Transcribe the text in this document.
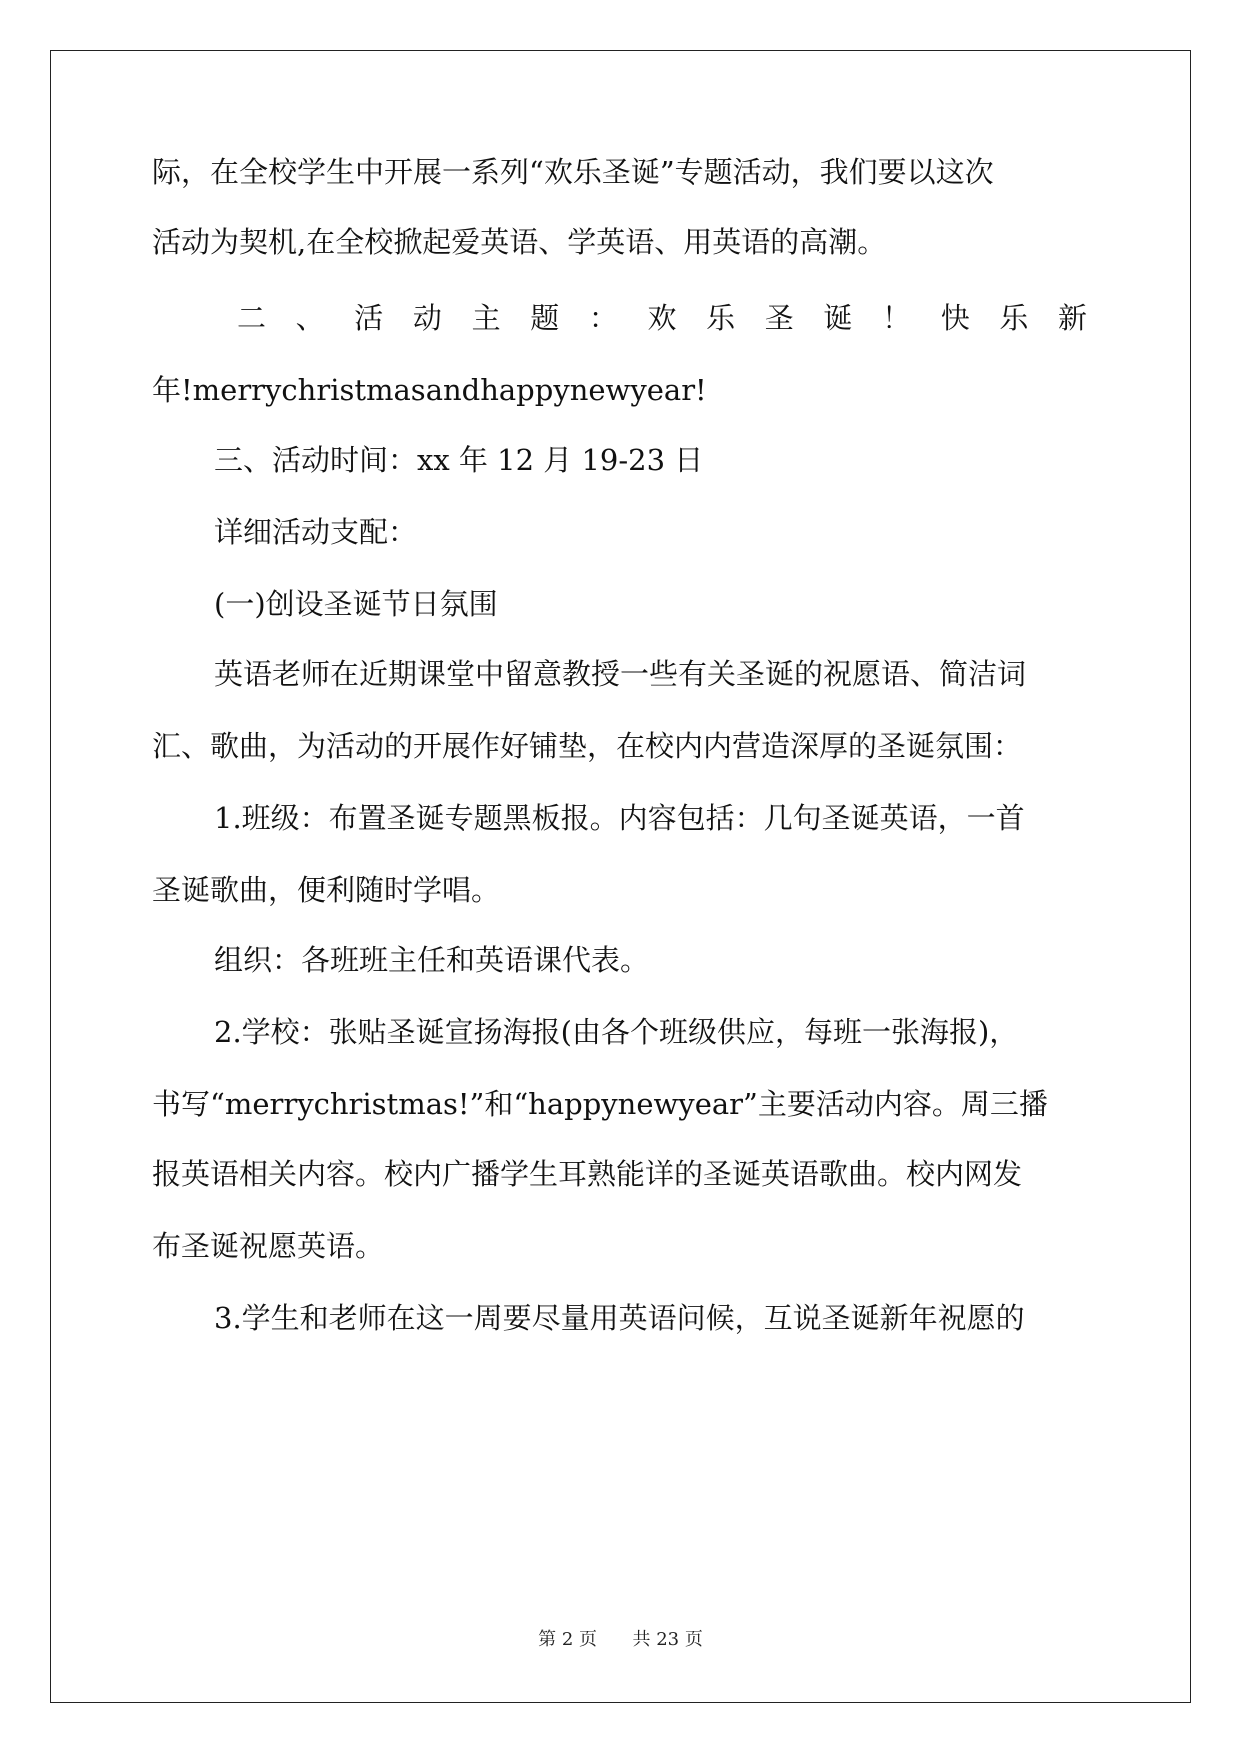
际，在全校学生中开展一系列“欢乐圣诞”专题活动，我们要以这次
活动为契机,在全校掀起爱英语、学英语、用英语的高潮。
二 、 活 动 主 题 ： 欢 乐 圣 诞 ！ 快 乐 新
年!merrychristmasandhappynewyear!
三、活动时间：xx 年 12 月 19-23 日
详细活动支配：
(一)创设圣诞节日氛围
英语老师在近期课堂中留意教授一些有关圣诞的祝愿语、简洁词
汇、歌曲，为活动的开展作好铺垫，在校内内营造深厚的圣诞氛围：
1.班级：布置圣诞专题黑板报。内容包括：几句圣诞英语，一首
圣诞歌曲，便利随时学唱。
组织：各班班主任和英语课代表。
2.学校：张贴圣诞宣扬海报(由各个班级供应，每班一张海报)，
书写“merrychristmas!”和“happynewyear”主要活动内容。周三播
报英语相关内容。校内广播学生耳熟能详的圣诞英语歌曲。校内网发
布圣诞祝愿英语。
3.学生和老师在这一周要尽量用英语问候，互说圣诞新年祝愿的
第 2 页 共 23 页
